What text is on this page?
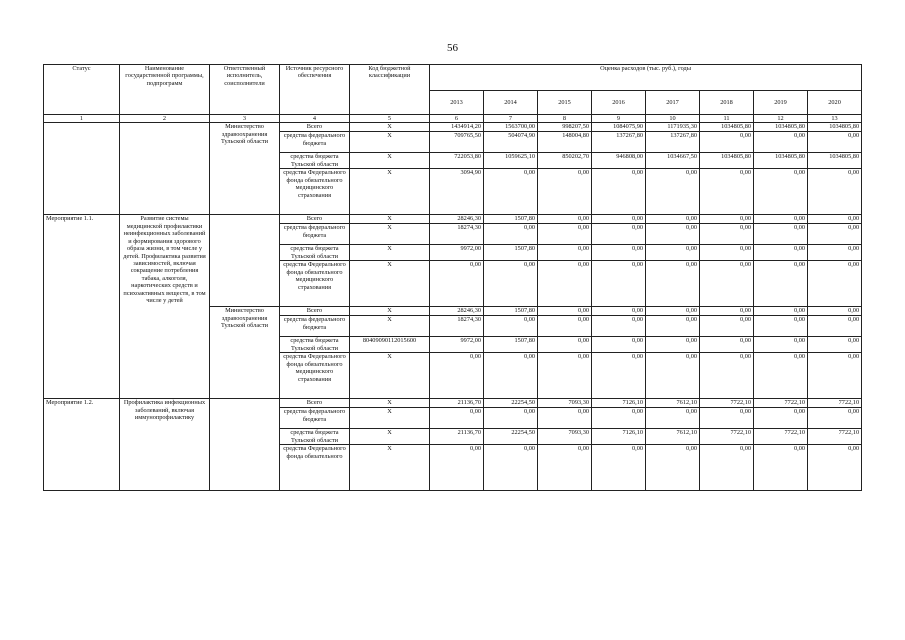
56
Статус	Наименование государственной программы, подпрограмм	Ответственный исполнитель, соисполнители	Источник ресурсного обеспечения	Код бюджетной классификации	Оценка расходов (тыс. руб.), годы							
					2013	2014	2015	2016	2017	2018	2019	2020
1	2	3	4	5	6	7	8	9	10	11	12	13
		Министерство здравоохранения Тульской области	Всего	X	1434914,20	1563700,00	998207,50	1084075,90	1171935,30	1034805,80	1034805,80	1034805,80
			средства федерального бюджета	X	709765,50	504074,90	148004,80	137267,80	137267,80	0,00	0,00	0,00
			средства бюджета Тульской области	X	722053,80	1059625,10	850202,70	946808,00	1034667,50	1034805,80	1034805,80	1034805,80
			средства Федерального фонда обязательного медицинского страхования	X	3094,90	0,00	0,00	0,00	0,00	0,00	0,00	0,00
Мероприятие 1.1.	Развитие системы медицинской профилактики неинфекционных заболеваний и формирования здорового образа жизни, в том числе у детей. Профилактика развития зависимостей, включая сокращение потребления табака, алкоголя, наркотических средств и психоактивных веществ, в том числе у детей		Всего	X	28246,30	1507,80	0,00	0,00	0,00	0,00	0,00	0,00
			средства федерального бюджета	X	18274,30	0,00	0,00	0,00	0,00	0,00	0,00	0,00
			средства бюджета Тульской области	X	9972,00	1507,80	0,00	0,00	0,00	0,00	0,00	0,00
			средства Федерального фонда обязательного медицинского страхования	X	0,00	0,00	0,00	0,00	0,00	0,00	0,00	0,00
		Министерство здравоохранения Тульской области	Всего	X	28246,30	1507,80	0,00	0,00	0,00	0,00	0,00	0,00
			средства федерального бюджета	X	18274,30	0,00	0,00	0,00	0,00	0,00	0,00	0,00
			средства бюджета Тульской области	80409090112015600	9972,00	1507,80	0,00	0,00	0,00	0,00	0,00	0,00
			средства Федерального фонда обязательного медицинского страхования	X	0,00	0,00	0,00	0,00	0,00	0,00	0,00	0,00
Мероприятие 1.2.	Профилактика инфекционных заболеваний, включая иммунопрофилактику		Всего	X	21136,70	22254,50	7093,30	7126,10	7612,10	7722,10	7722,10	7722,10
			средства федерального бюджета	X	0,00	0,00	0,00	0,00	0,00	0,00	0,00	0,00
			средства бюджета Тульской области	X	21136,70	22254,50	7093,30	7126,10	7612,10	7722,10	7722,10	7722,10
			средства Федерального фонда обязательного	X	0,00	0,00	0,00	0,00	0,00	0,00	0,00	0,00
